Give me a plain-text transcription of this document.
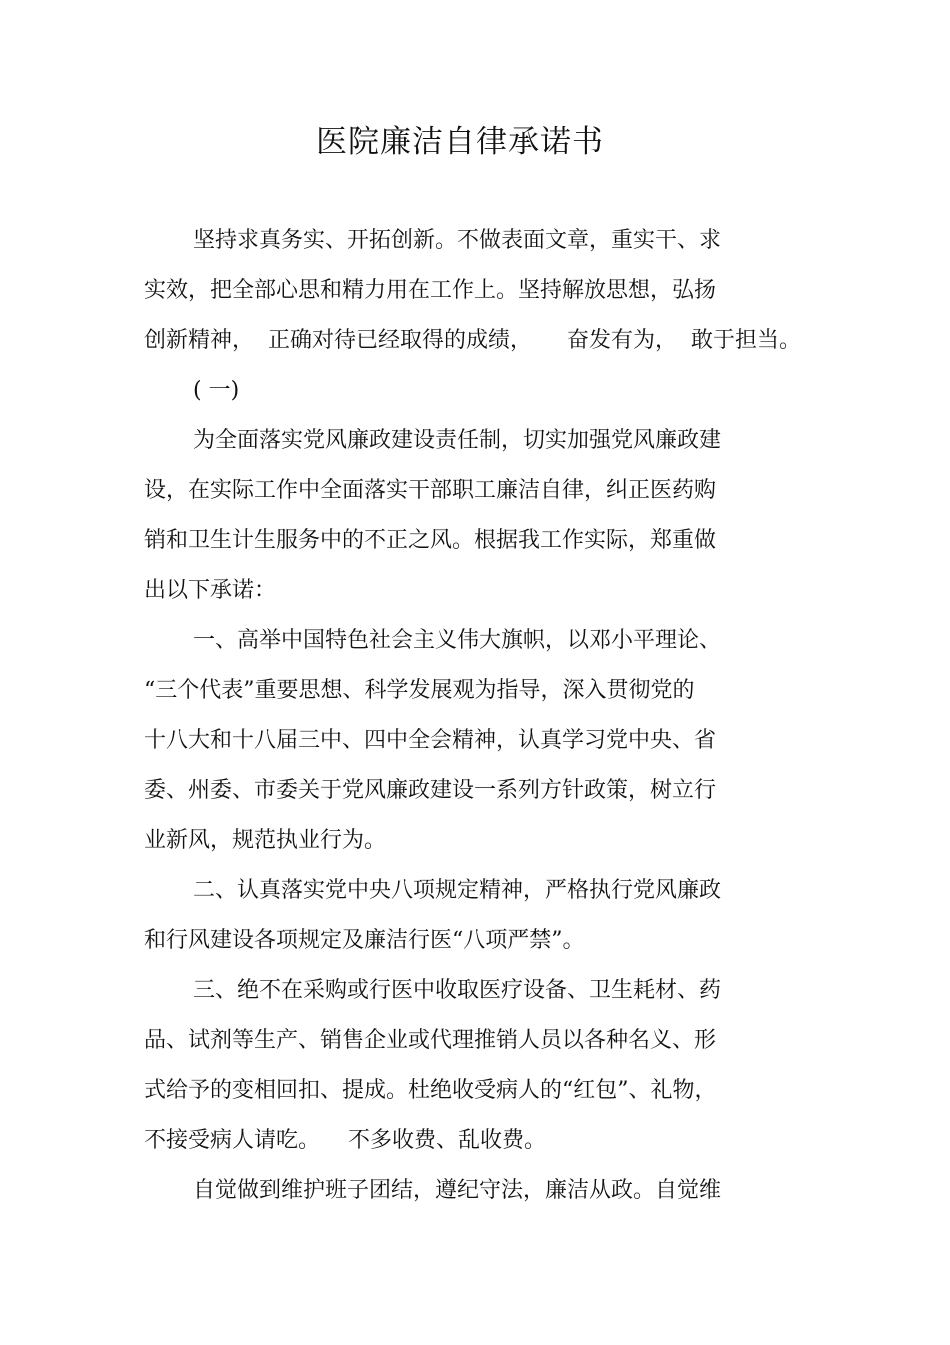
医院廉洁自律承诺书
坚持求真务实、开拓创新。不做表面文章，重实干、求
实效，把全部心思和精力用在工作上。坚持解放思想，弘扬
创新精神，  正确对待已经取得的成绩，     奋发有为，  敢于担当。
( 一)
为全面落实党风廉政建设责任制，切实加强党风廉政建
设，在实际工作中全面落实干部职工廉洁自律，纠正医药购
销和卫生计生服务中的不正之风。根据我工作实际，郑重做
出以下承诺：
一、高举中国特色社会主义伟大旗帜，以邓小平理论、
“三个代表”重要思想、科学发展观为指导，深入贯彻党的
十八大和十八届三中、四中全会精神，认真学习党中央、省
委、州委、市委关于党风廉政建设一系列方针政策，树立行
业新风，规范执业行为。
二、认真落实党中央八项规定精神，严格执行党风廉政
和行风建设各项规定及廉洁行医“八项严禁”。
三、绝不在采购或行医中收取医疗设备、卫生耗材、药
品、试剂等生产、销售企业或代理推销人员以各种名义、形
式给予的变相回扣、提成。杜绝收受病人的“红包”、礼物，
不接受病人请吃。    不多收费、乱收费。
自觉做到维护班子团结，遵纪守法，廉洁从政。自觉维
